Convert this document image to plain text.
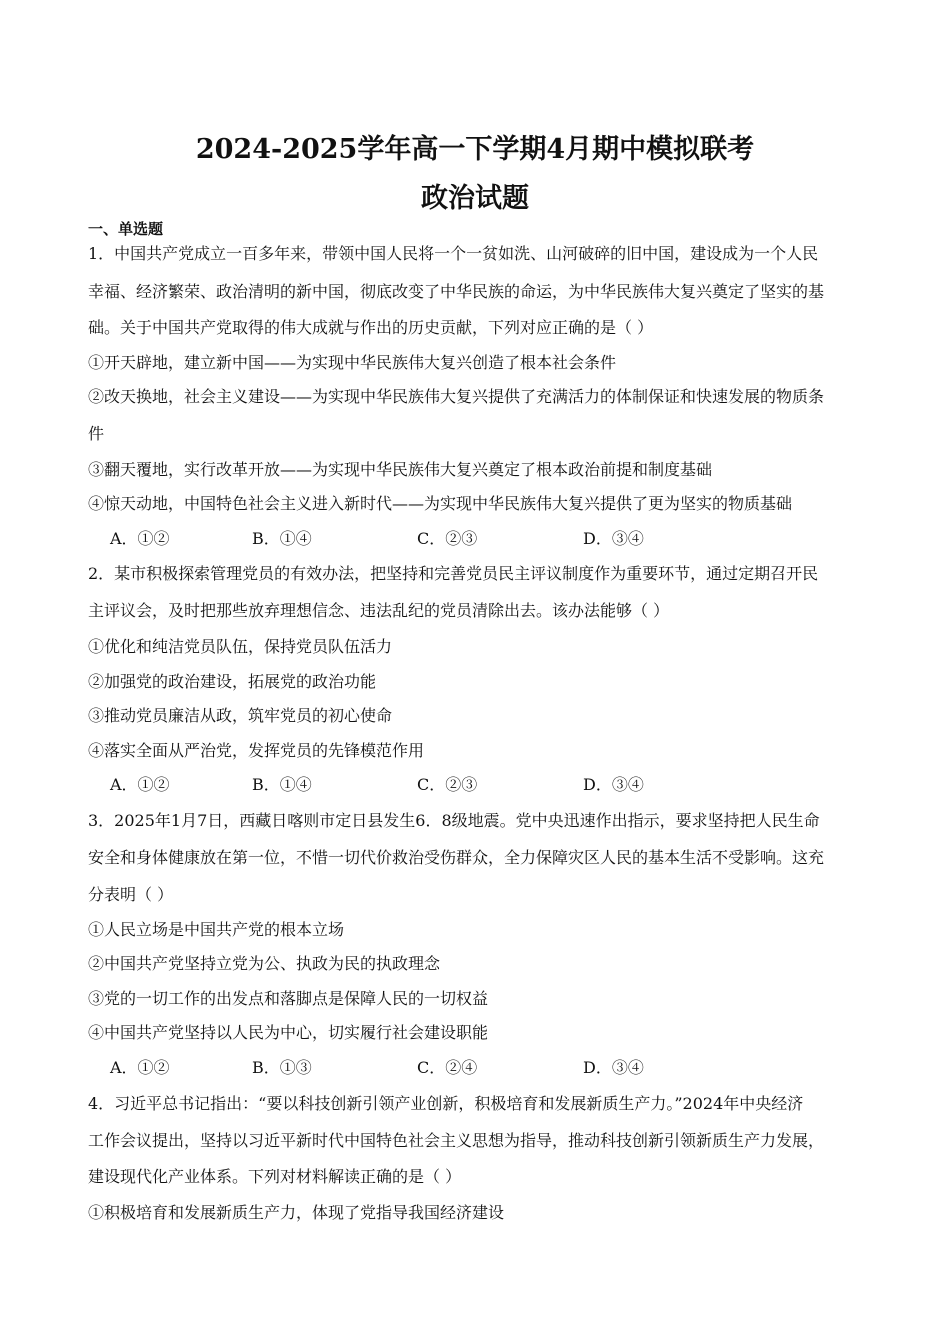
2024-2025学年高一下学期4月期中模拟联考
政治试题
一、单选题
1．中国共产党成立一百多年来，带领中国人民将一个一贫如洗、山河破碎的旧中国，建设成为一个人民
幸福、经济繁荣、政治清明的新中国，彻底改变了中华民族的命运，为中华民族伟大复兴奠定了坚实的基
础。关于中国共产党取得的伟大成就与作出的历史贡献，下列对应正确的是（ ）
①开天辟地，建立新中国——为实现中华民族伟大复兴创造了根本社会条件
②改天换地，社会主义建设——为实现中华民族伟大复兴提供了充满活力的体制保证和快速发展的物质条
件
③翻天覆地，实行改革开放——为实现中华民族伟大复兴奠定了根本政治前提和制度基础
④惊天动地，中国特色社会主义进入新时代——为实现中华民族伟大复兴提供了更为坚实的物质基础
A．①②	B．①④	C．②③	D．③④
2．某市积极探索管理党员的有效办法，把坚持和完善党员民主评议制度作为重要环节，通过定期召开民
主评议会，及时把那些放弃理想信念、违法乱纪的党员清除出去。该办法能够（ ）
①优化和纯洁党员队伍，保持党员队伍活力
②加强党的政治建设，拓展党的政治功能
③推动党员廉洁从政，筑牢党员的初心使命
④落实全面从严治党，发挥党员的先锋模范作用
A．①②	B．①④	C．②③	D．③④
3．2025年1月7日，西藏日喀则市定日县发生6．8级地震。党中央迅速作出指示，要求坚持把人民生命
安全和身体健康放在第一位，不惜一切代价救治受伤群众，全力保障灾区人民的基本生活不受影响。这充
分表明（ ）
①人民立场是中国共产党的根本立场
②中国共产党坚持立党为公、执政为民的执政理念
③党的一切工作的出发点和落脚点是保障人民的一切权益
④中国共产党坚持以人民为中心，切实履行社会建设职能
A．①②	B．①③	C．②④	D．③④
4．习近平总书记指出：“要以科技创新引领产业创新，积极培育和发展新质生产力。”2024年中央经济
工作会议提出，坚持以习近平新时代中国特色社会主义思想为指导，推动科技创新引领新质生产力发展，
建设现代化产业体系。下列对材料解读正确的是（ ）
①积极培育和发展新质生产力，体现了党指导我国经济建设
